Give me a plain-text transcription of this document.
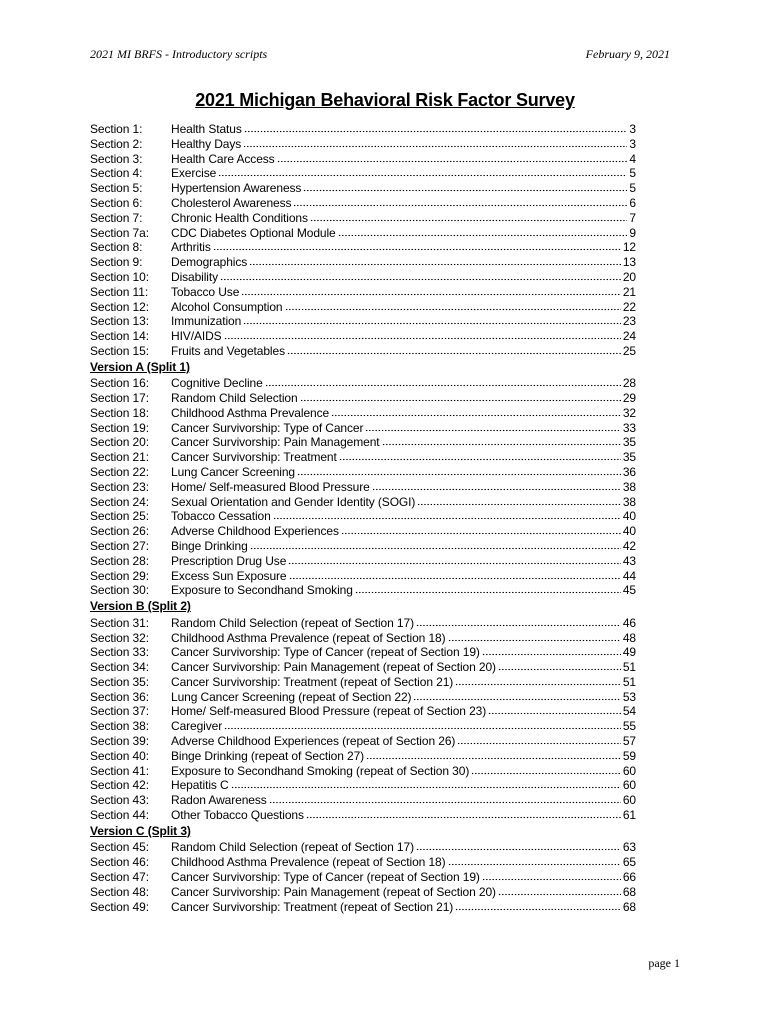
2021 MI BRFS - Introductory scripts	February 9, 2021
2021 Michigan Behavioral Risk Factor Survey
Section 1:	Health Status	3
Section 2:	Healthy Days	3
Section 3:	Health Care Access	4
Section 4:	Exercise	5
Section 5:	Hypertension Awareness	5
Section 6:	Cholesterol Awareness	6
Section 7:	Chronic Health Conditions	7
Section 7a:	CDC Diabetes Optional Module	9
Section 8:	Arthritis	12
Section 9:	Demographics	13
Section 10:	Disability	20
Section 11:	Tobacco Use	21
Section 12:	Alcohol Consumption	22
Section 13:	Immunization	23
Section 14:	HIV/AIDS	24
Section 15:	Fruits and Vegetables	25
Version A (Split 1)
Section 16:	Cognitive Decline	28
Section 17:	Random Child Selection	29
Section 18:	Childhood Asthma Prevalence	32
Section 19:	Cancer Survivorship: Type of Cancer	33
Section 20:	Cancer Survivorship: Pain Management	35
Section 21:	Cancer Survivorship: Treatment	35
Section 22:	Lung Cancer Screening	36
Section 23:	Home/ Self-measured Blood Pressure	38
Section 24:	Sexual Orientation and Gender Identity (SOGI)	38
Section 25:	Tobacco Cessation	40
Section 26:	Adverse Childhood Experiences	40
Section 27:	Binge Drinking	42
Section 28:	Prescription Drug Use	43
Section 29:	Excess Sun Exposure	44
Section 30:	Exposure to Secondhand Smoking	45
Version B (Split 2)
Section 31:	Random Child Selection (repeat of Section 17)	46
Section 32:	Childhood Asthma Prevalence (repeat of Section 18)	48
Section 33:	Cancer Survivorship: Type of Cancer (repeat of Section 19)	49
Section 34:	Cancer Survivorship: Pain Management (repeat of Section 20)	51
Section 35:	Cancer Survivorship: Treatment (repeat of Section 21)	51
Section 36:	Lung Cancer Screening (repeat of Section 22)	53
Section 37:	Home/ Self-measured Blood Pressure (repeat of Section 23)	54
Section 38:	Caregiver	55
Section 39:	Adverse Childhood Experiences (repeat of Section 26)	57
Section 40:	Binge Drinking (repeat of Section 27)	59
Section 41:	Exposure to Secondhand Smoking (repeat of Section 30)	60
Section 42:	Hepatitis C	60
Section 43:	Radon Awareness	60
Section 44:	Other Tobacco Questions	61
Version C (Split 3)
Section 45:	Random Child Selection (repeat of Section 17)	63
Section 46:	Childhood Asthma Prevalence (repeat of Section 18)	65
Section 47:	Cancer Survivorship: Type of Cancer (repeat of Section 19)	66
Section 48:	Cancer Survivorship: Pain Management (repeat of Section 20)	68
Section 49:	Cancer Survivorship: Treatment (repeat of Section 21)	68
page 1
